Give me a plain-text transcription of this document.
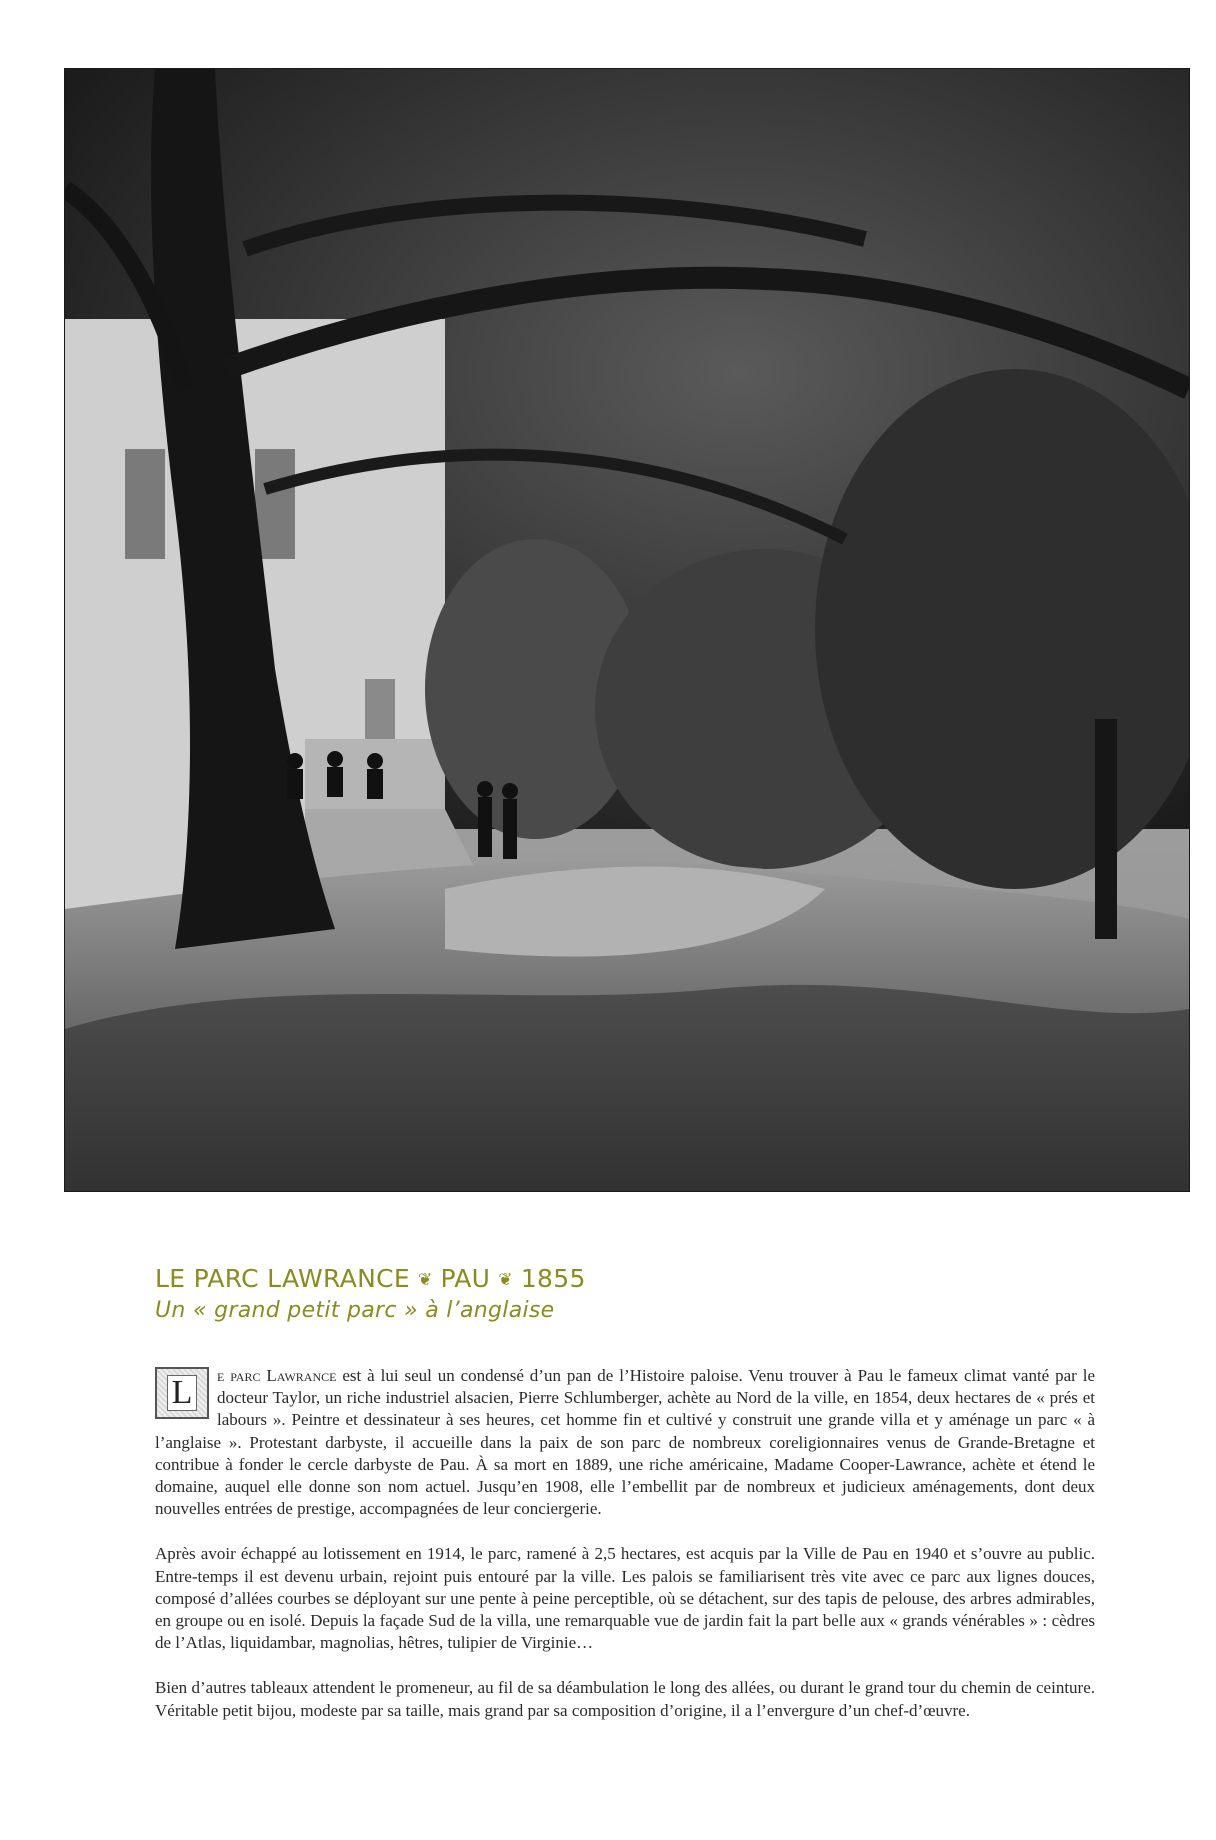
LE PARC LAWRANCE ❦ PAU ❦ 1855
Un « grand petit parc » à l’anglaise

L	e parc Lawrance est à lui seul un condensé d’un pan de l’Histoire paloise. Venu trouver à Pau le fameux climat vanté par le docteur Taylor, un riche industriel alsacien, Pierre Schlumberger, achète au Nord de la ville, en 1854, deux hectares de « prés et labours ». Peintre et dessinateur à ses heures, cet homme fin et cultivé y construit une grande villa et y aménage un parc « à l’anglaise ». Protestant darbyste, il accueille dans la paix de son parc de nombreux coreligionnaires venus de Grande-Bretagne et contribue à fonder le cercle darbyste de Pau. À sa mort en 1889, une riche américaine, Madame Cooper-Lawrance, achète et étend le domaine, auquel elle donne son nom actuel. Jusqu’en 1908, elle l’embellit par de nombreux et judicieux aménagements, dont deux nouvelles entrées de prestige, accompagnées de leur conciergerie.

Après avoir échappé au lotissement en 1914, le parc, ramené à 2,5 hectares, est acquis par la Ville de Pau en 1940 et s’ouvre au public. Entre-temps il est devenu urbain, rejoint puis entouré par la ville. Les palois se familiarisent très vite avec ce parc aux lignes douces, composé d’allées courbes se déployant sur une pente à peine perceptible, où se détachent, sur des tapis de pelouse, des arbres admirables, en groupe ou en isolé. Depuis la façade Sud de la villa, une remarquable vue de jardin fait la part belle aux « grands vénérables » : cèdres de l’Atlas, liquidambar, magnolias, hêtres, tulipier de Virginie…

Bien d’autres tableaux attendent le promeneur, au fil de sa déambulation le long des allées, ou durant le grand tour du chemin de ceinture. Véritable petit bijou, modeste par sa taille, mais grand par sa composition d’origine, il a l’envergure d’un chef-d’œuvre.
